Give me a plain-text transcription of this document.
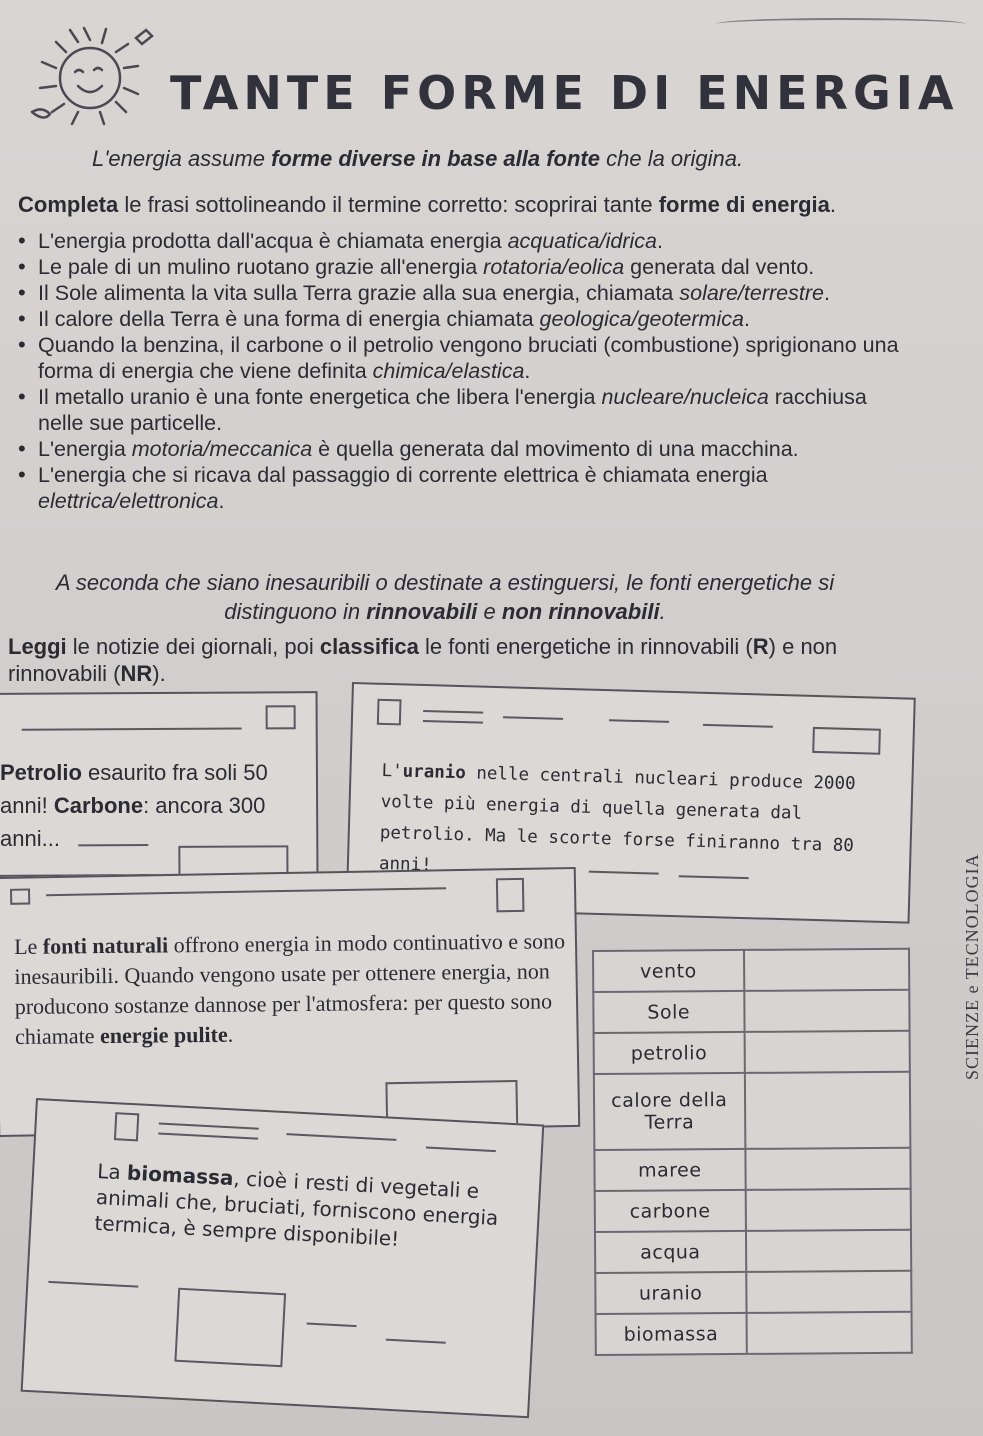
TANTE FORME DI ENERGIA
L'energia assume forme diverse in base alla fonte che la origina.
Completa le frasi sottolineando il termine corretto: scoprirai tante forme di energia.
• L'energia prodotta dall'acqua è chiamata energia acquatica/idrica.
• Le pale di un mulino ruotano grazie all'energia rotatoria/eolica generata dal vento.
• Il Sole alimenta la vita sulla Terra grazie alla sua energia, chiamata solare/terrestre.
• Il calore della Terra è una forma di energia chiamata geologica/geotermica.
• Quando la benzina, il carbone o il petrolio vengono bruciati (combustione) sprigionano una forma di energia che viene definita chimica/elastica.
• Il metallo uranio è una fonte energetica che libera l'energia nucleare/nucleica racchiusa nelle sue particelle.
• L'energia motoria/meccanica è quella generata dal movimento di una macchina.
• L'energia che si ricava dal passaggio di corrente elettrica è chiamata energia elettrica/elettronica.
A seconda che siano inesauribili o destinate a estinguersi, le fonti energetiche si distinguono in rinnovabili e non rinnovabili.
Leggi le notizie dei giornali, poi classifica le fonti energetiche in rinnovabili (R) e non rinnovabili (NR).
Petrolio esaurito fra soli 50 anni! Carbone: ancora 300 anni...
L'uranio nelle centrali nucleari produce 2000 volte più energia di quella generata dal petrolio. Ma le scorte forse finiranno tra 80 anni!
Le fonti naturali offrono energia in modo continuativo e sono inesauribili. Quando vengono usate per ottenere energia, non producono sostanze dannose per l'atmosfera: per questo sono chiamate energie pulite.
La biomassa, cioè i resti di vegetali e animali che, bruciati, forniscono energia termica, è sempre disponibile!
vento	
Sole	
petrolio	
calore della Terra	
maree	
carbone	
acqua	
uranio	
biomassa	
SCIENZE e TECNOLOGIA
